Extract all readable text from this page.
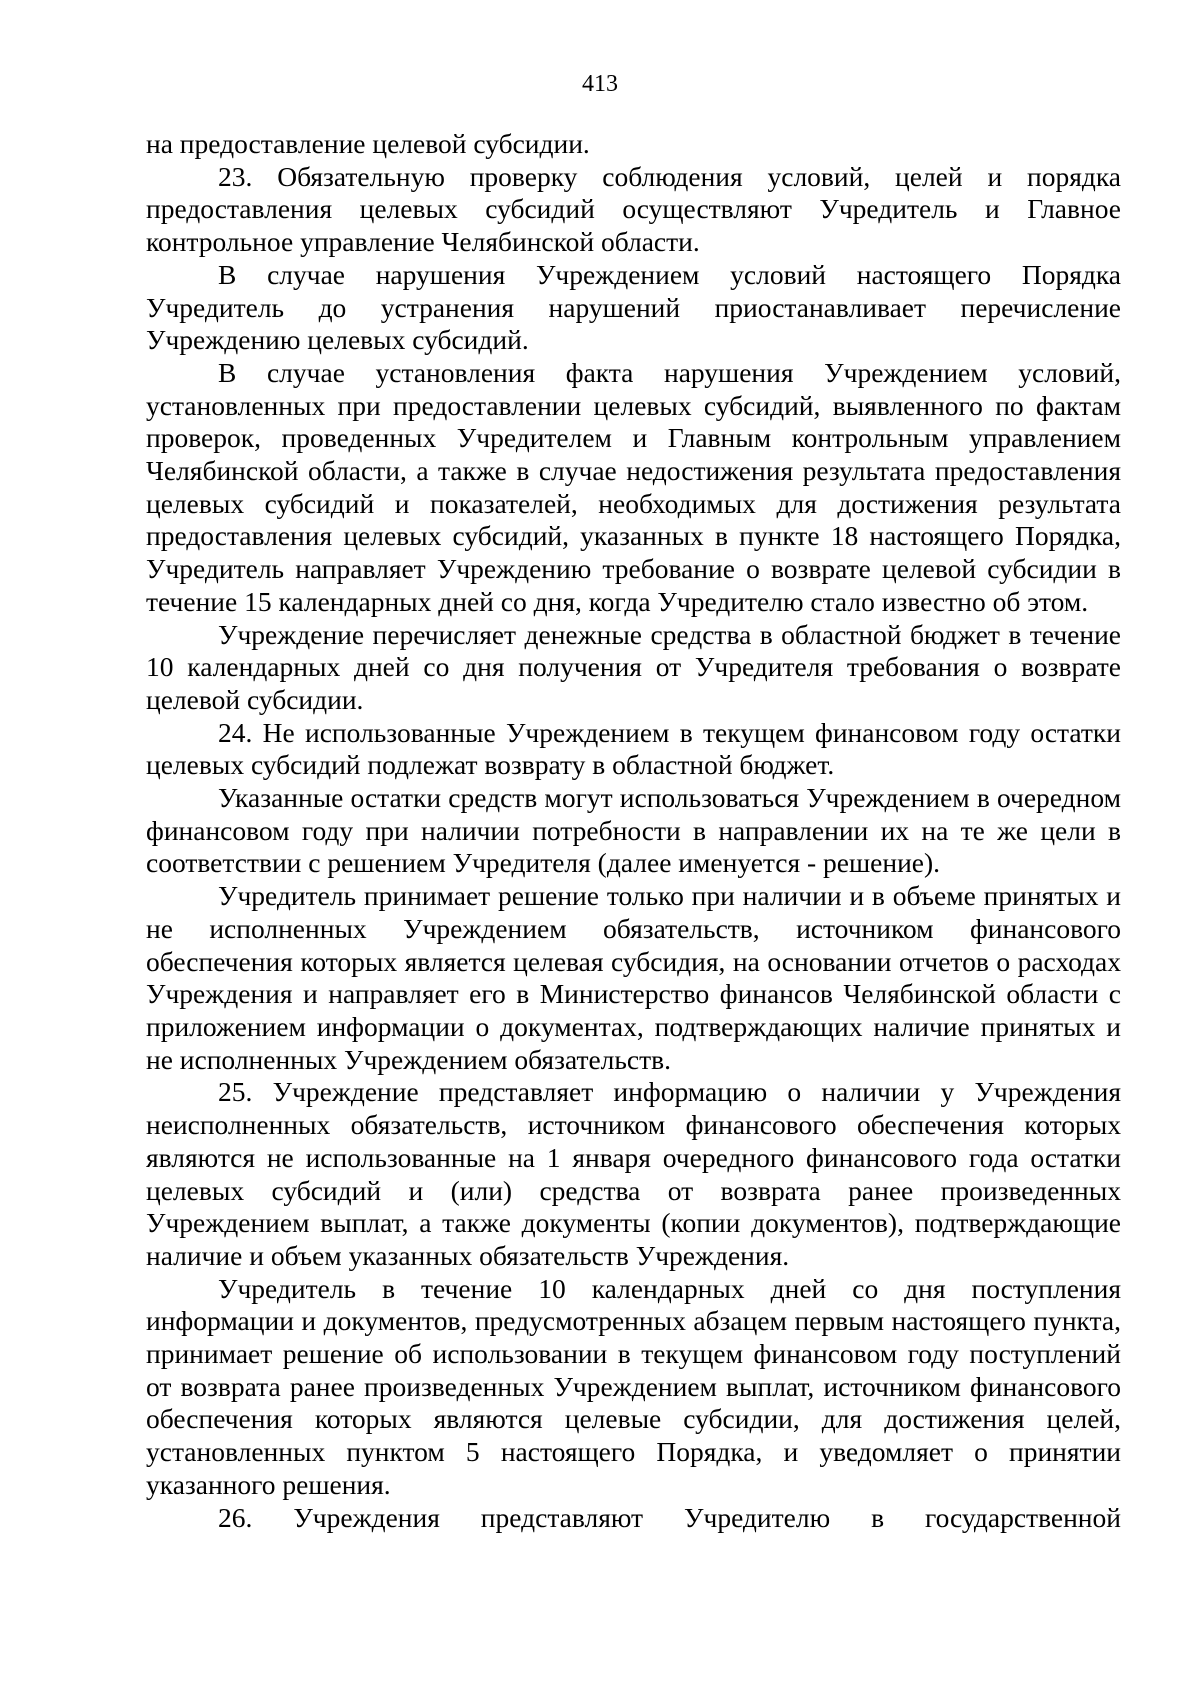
413

на предоставление целевой субсидии.

23. Обязательную проверку соблюдения условий, целей и порядка предоставления целевых субсидий осуществляют Учредитель и Главное контрольное управление Челябинской области.

В случае нарушения Учреждением условий настоящего Порядка Учредитель до устранения нарушений приостанавливает перечисление Учреждению целевых субсидий.

В случае установления факта нарушения Учреждением условий, установленных при предоставлении целевых субсидий, выявленного по фактам проверок, проведенных Учредителем и Главным контрольным управлением Челябинской области, а также в случае недостижения результата предоставления целевых субсидий и показателей, необходимых для достижения результата предоставления целевых субсидий, указанных в пункте 18 настоящего Порядка, Учредитель направляет Учреждению требование о возврате целевой субсидии в течение 15 календарных дней со дня, когда Учредителю стало известно об этом.

Учреждение перечисляет денежные средства в областной бюджет в течение 10 календарных дней со дня получения от Учредителя требования о возврате целевой субсидии.

24. Не использованные Учреждением в текущем финансовом году остатки целевых субсидий подлежат возврату в областной бюджет.

Указанные остатки средств могут использоваться Учреждением в очередном финансовом году при наличии потребности в направлении их на те же цели в соответствии с решением Учредителя (далее именуется - решение).

Учредитель принимает решение только при наличии и в объеме принятых и не исполненных Учреждением обязательств, источником финансового обеспечения которых является целевая субсидия, на основании отчетов о расходах Учреждения и направляет его в Министерство финансов Челябинской области с приложением информации о документах, подтверждающих наличие принятых и не исполненных Учреждением обязательств.

25. Учреждение представляет информацию о наличии у Учреждения неисполненных обязательств, источником финансового обеспечения которых являются не использованные на 1 января очередного финансового года остатки целевых субсидий и (или) средства от возврата ранее произведенных Учреждением выплат, а также документы (копии документов), подтверждающие наличие и объем указанных обязательств Учреждения.

Учредитель в течение 10 календарных дней со дня поступления информации и документов, предусмотренных абзацем первым настоящего пункта, принимает решение об использовании в текущем финансовом году поступлений от возврата ранее произведенных Учреждением выплат, источником финансового обеспечения которых являются целевые субсидии, для достижения целей, установленных пунктом 5 настоящего Порядка, и уведомляет о принятии указанного решения.

26. Учреждения представляют Учредителю в государственной
